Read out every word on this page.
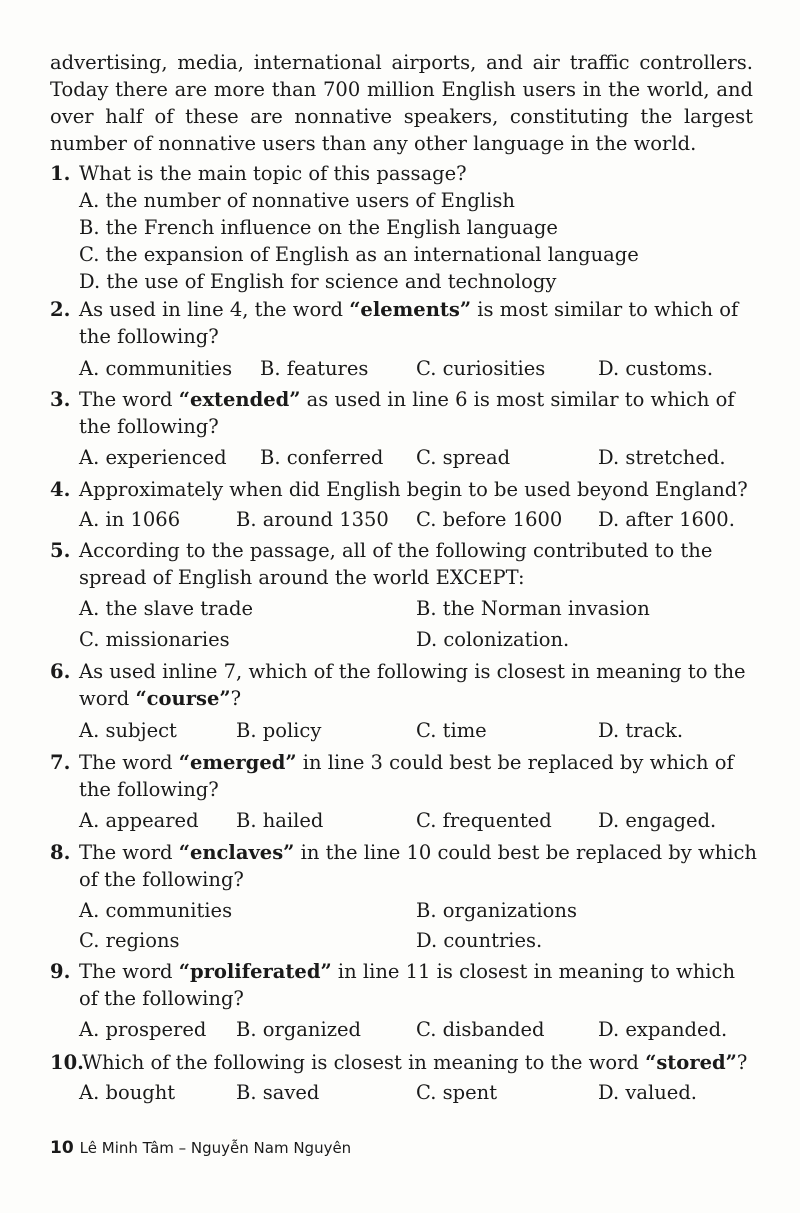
advertising, media, international airports, and air traffic controllers. Today there are more than 700 million English users in the world, and over half of these are nonnative speakers, constituting the largest number of nonnative users than any other language in the world.

1. What is the main topic of this passage?
A. the number of nonnative users of English
B. the French influence on the English language
C. the expansion of English as an international language
D. the use of English for science and technology
2. As used in line 4, the word “elements” is most similar to which of the following?
A. communities B. features C. curiosities	D. customs.
3. The word “extended” as used in line 6 is most similar to which of the following?
A. experienced B. conferred C. spread	D. stretched.
4. Approximately when did English begin to be used beyond England?
A. in 1066	B. around 1350 C. before 1600 D. after 1600.
5. According to the passage, all of the following contributed to the spread of English around the world EXCEPT:
A. the slave trade	B. the Norman invasion
C. missionaries	D. colonization.
6. As used inline 7, which of the following is closest in meaning to the word “course”?
A. subject	B. policy	C. time	D. track.
7. The word “emerged” in line 3 could best be replaced by which of the following?
A. appeared B. hailed	C. frequented D. engaged.
8. The word “enclaves” in the line 10 could best be replaced by which of the following?
A. communities	B. organizations
C. regions	D. countries.
9. The word “proliferated” in line 11 is closest in meaning to which of the following?
A. prospered B. organized	C. disbanded	D. expanded.
10.
Which of the following is closest in meaning to the word “stored”?
A. bought	B. saved	C. spent	D. valued.
10 Lê Minh Tâm – Nguyễn Nam Nguyên
